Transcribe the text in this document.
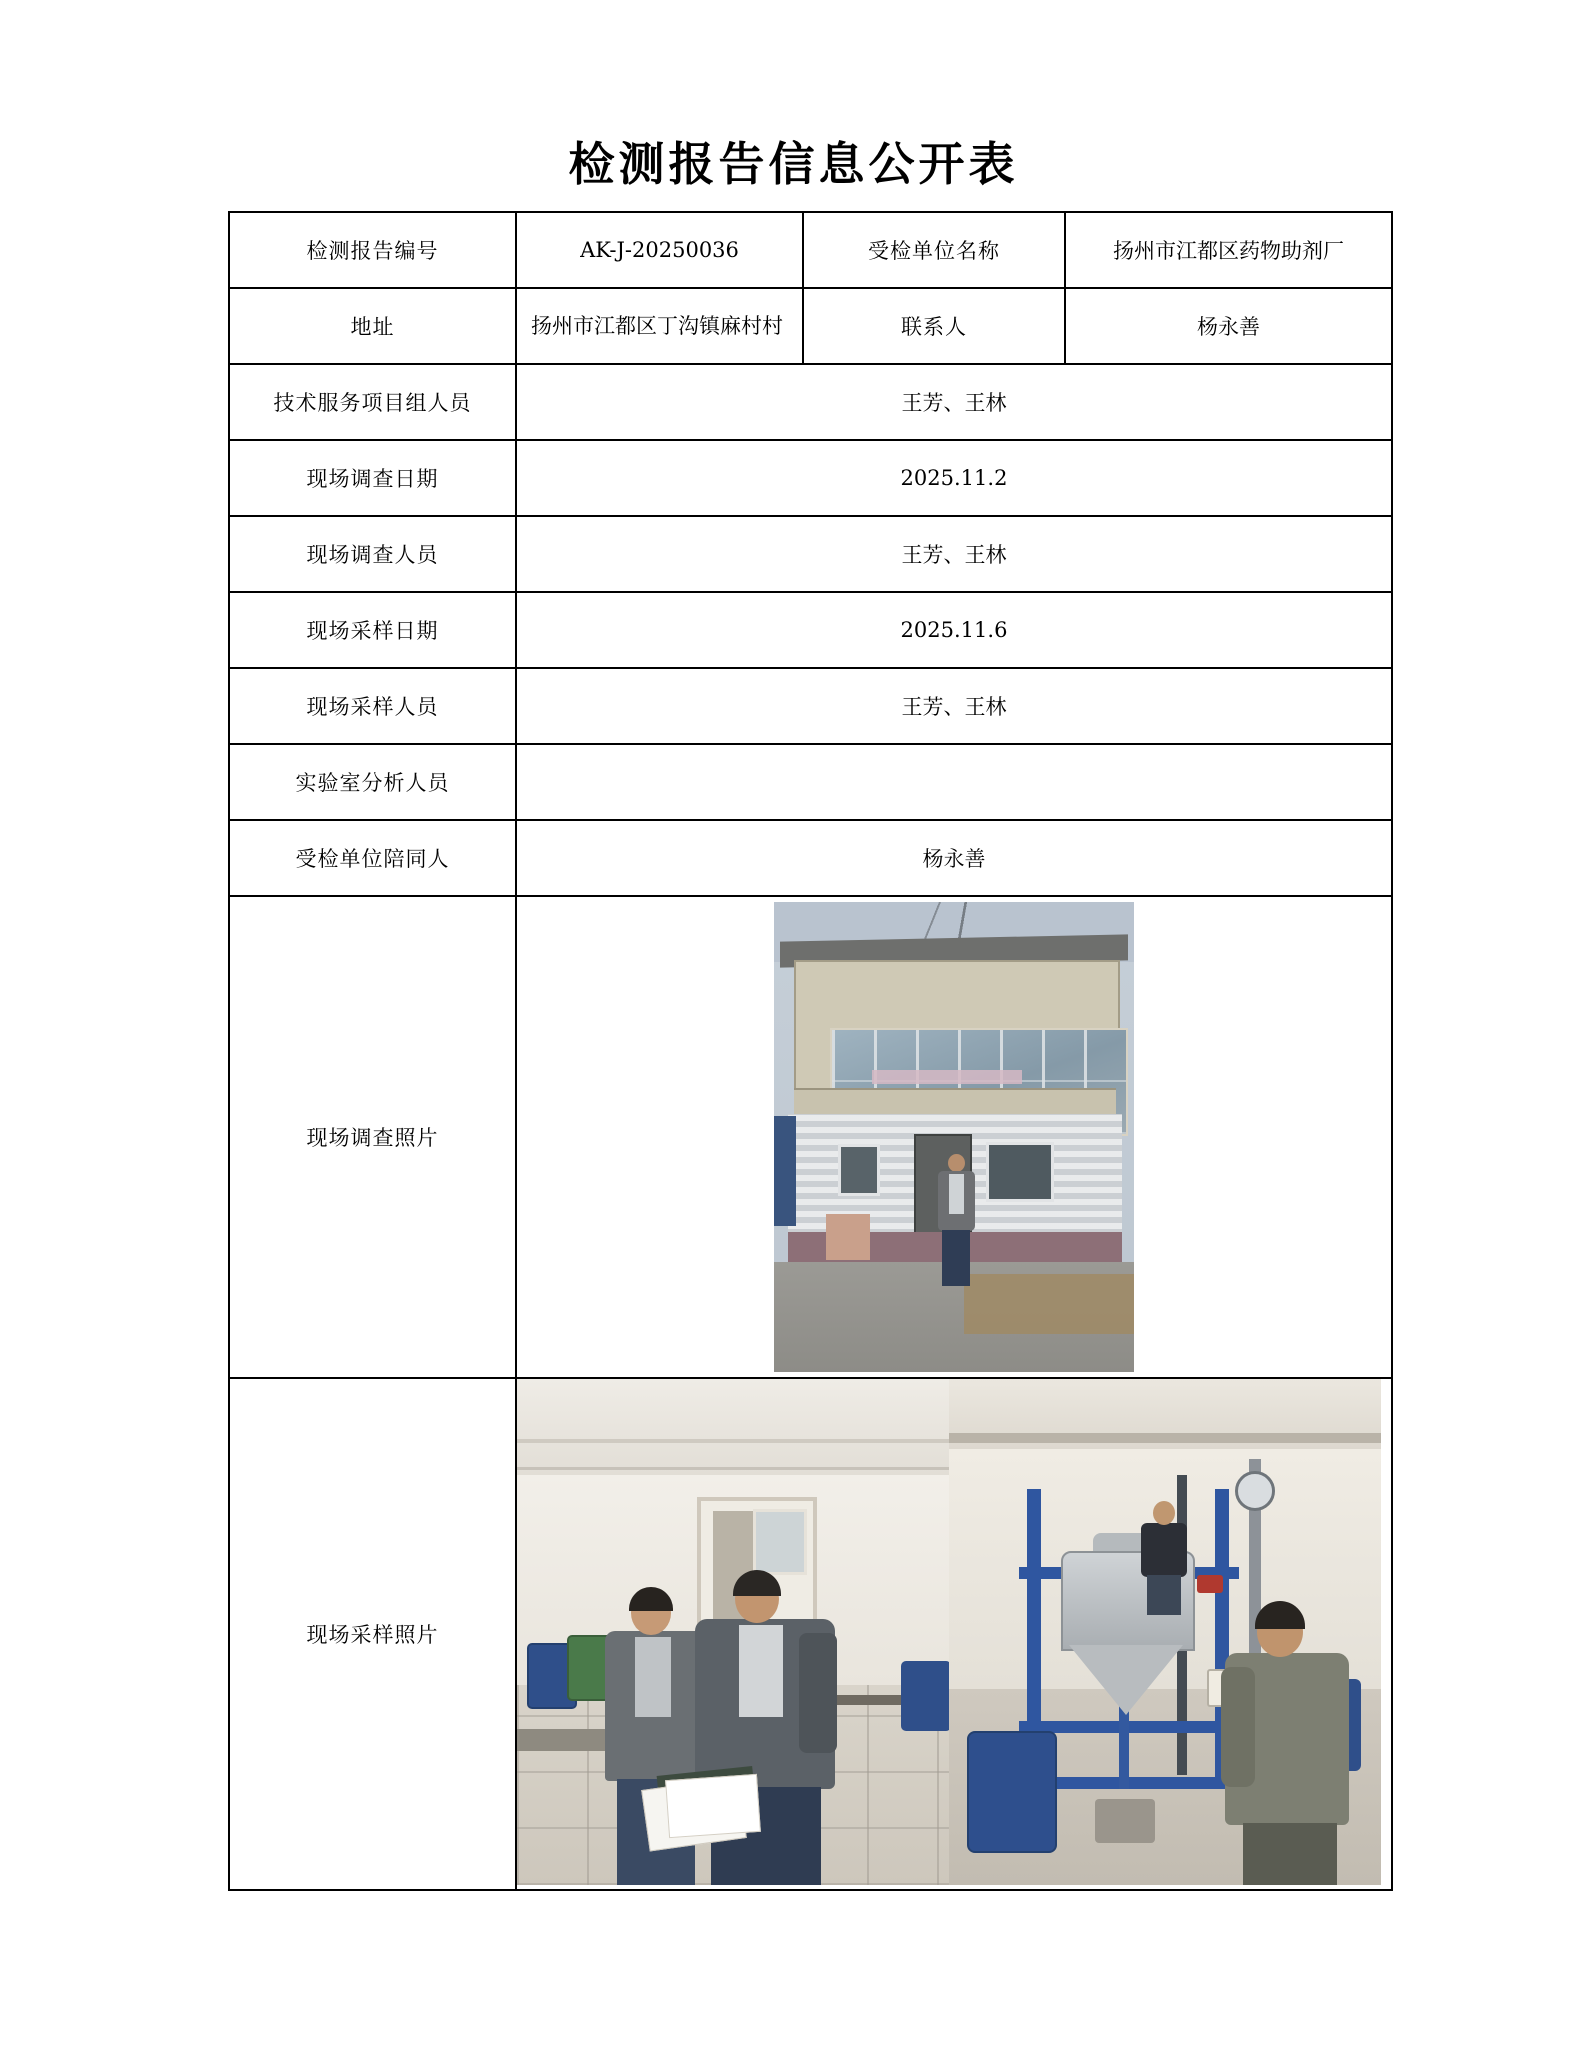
检测报告信息公开表
检测报告编号	AK-J-20250036	受检单位名称	扬州市江都区药物助剂厂
地址	扬州市江都区丁沟镇麻村村	联系人	杨永善
技术服务项目组人员	王芳、王林		
现场调查日期	2025.11.2		
现场调查人员	王芳、王林		
现场采样日期	2025.11.6		
现场采样人员	王芳、王林		
实验室分析人员			
受检单位陪同人	杨永善		
现场调查照片			

现场采样照片			
